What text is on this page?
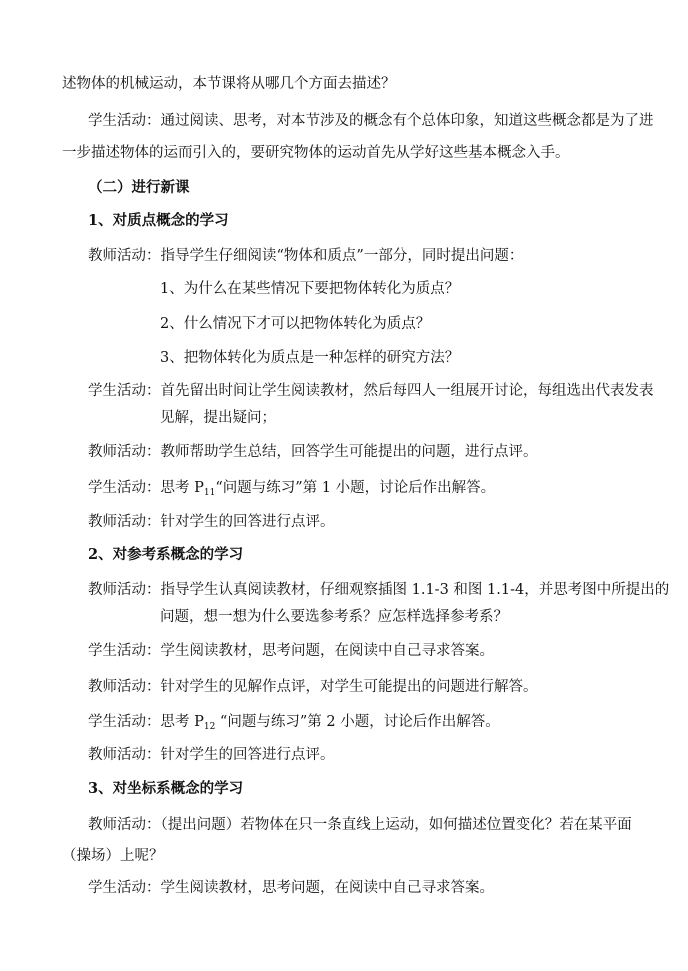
述物体的机械运动，本节课将从哪几个方面去描述？
学生活动：通过阅读、思考，对本节涉及的概念有个总体印象，知道这些概念都是为了进
一步描述物体的运而引入的，要研究物体的运动首先从学好这些基本概念入手。
（二）进行新课
1、对质点概念的学习
教师活动：指导学生仔细阅读“物体和质点”一部分，同时提出问题：
1、为什么在某些情况下要把物体转化为质点？
2、什么情况下才可以把物体转化为质点？
3、把物体转化为质点是一种怎样的研究方法？
学生活动：首先留出时间让学生阅读教材，然后每四人一组展开讨论，每组选出代表发表
见解，提出疑问；
教师活动：教师帮助学生总结，回答学生可能提出的问题，进行点评。
学生活动：思考 $P_{11}“$问题与练习”第 1 小题，讨论后作出解答。
教师活动：针对学生的回答进行点评。
2、对参考系概念的学习
教师活动：指导学生认真阅读教材，仔细观察插图 1.1-3 和图 1.1-4，并思考图中所提出的
问题，想一想为什么要选参考系？应怎样选择参考系？
学生活动：学生阅读教材，思考问题，在阅读中自己寻求答案。
教师活动：针对学生的见解作点评，对学生可能提出的问题进行解答。
学生活动：思考 $P_{12}$ “问题与练习”第 2 小题，讨论后作出解答。
教师活动：针对学生的回答进行点评。
3、对坐标系概念的学习
教师活动：（提出问题）若物体在只一条直线上运动，如何描述位置变化？若在某平面
（操场）上呢？
学生活动：学生阅读教材，思考问题，在阅读中自己寻求答案。
